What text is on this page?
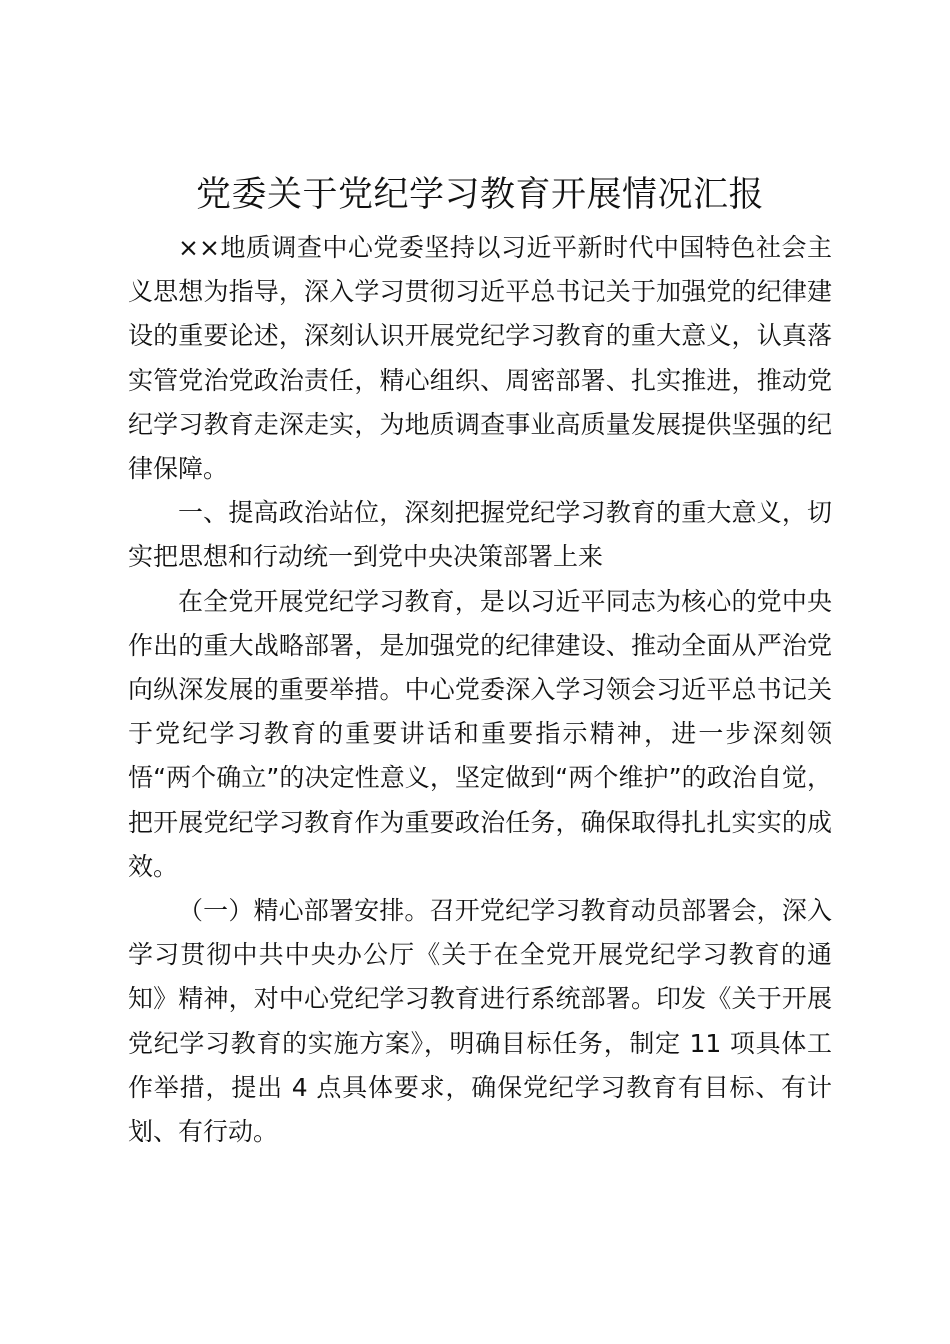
党委关于党纪学习教育开展情况汇报

××地质调查中心党委坚持以习近平新时代中国特色社会主义思想为指导，深入学习贯彻习近平总书记关于加强党的纪律建设的重要论述，深刻认识开展党纪学习教育的重大意义，认真落实管党治党政治责任，精心组织、周密部署、扎实推进，推动党纪学习教育走深走实，为地质调查事业高质量发展提供坚强的纪律保障。

一、提高政治站位，深刻把握党纪学习教育的重大意义，切实把思想和行动统一到党中央决策部署上来

在全党开展党纪学习教育，是以习近平同志为核心的党中央作出的重大战略部署，是加强党的纪律建设、推动全面从严治党向纵深发展的重要举措。中心党委深入学习领会习近平总书记关于党纪学习教育的重要讲话和重要指示精神，进一步深刻领悟“两个确立”的决定性意义，坚定做到“两个维护”的政治自觉，把开展党纪学习教育作为重要政治任务，确保取得扎扎实实的成效。

（一）精心部署安排。召开党纪学习教育动员部署会，深入学习贯彻中共中央办公厅《关于在全党开展党纪学习教育的通知》精神，对中心党纪学习教育进行系统部署。印发《关于开展党纪学习教育的实施方案》，明确目标任务，制定 11 项具体工作举措，提出 4 点具体要求，确保党纪学习教育有目标、有计划、有行动。
